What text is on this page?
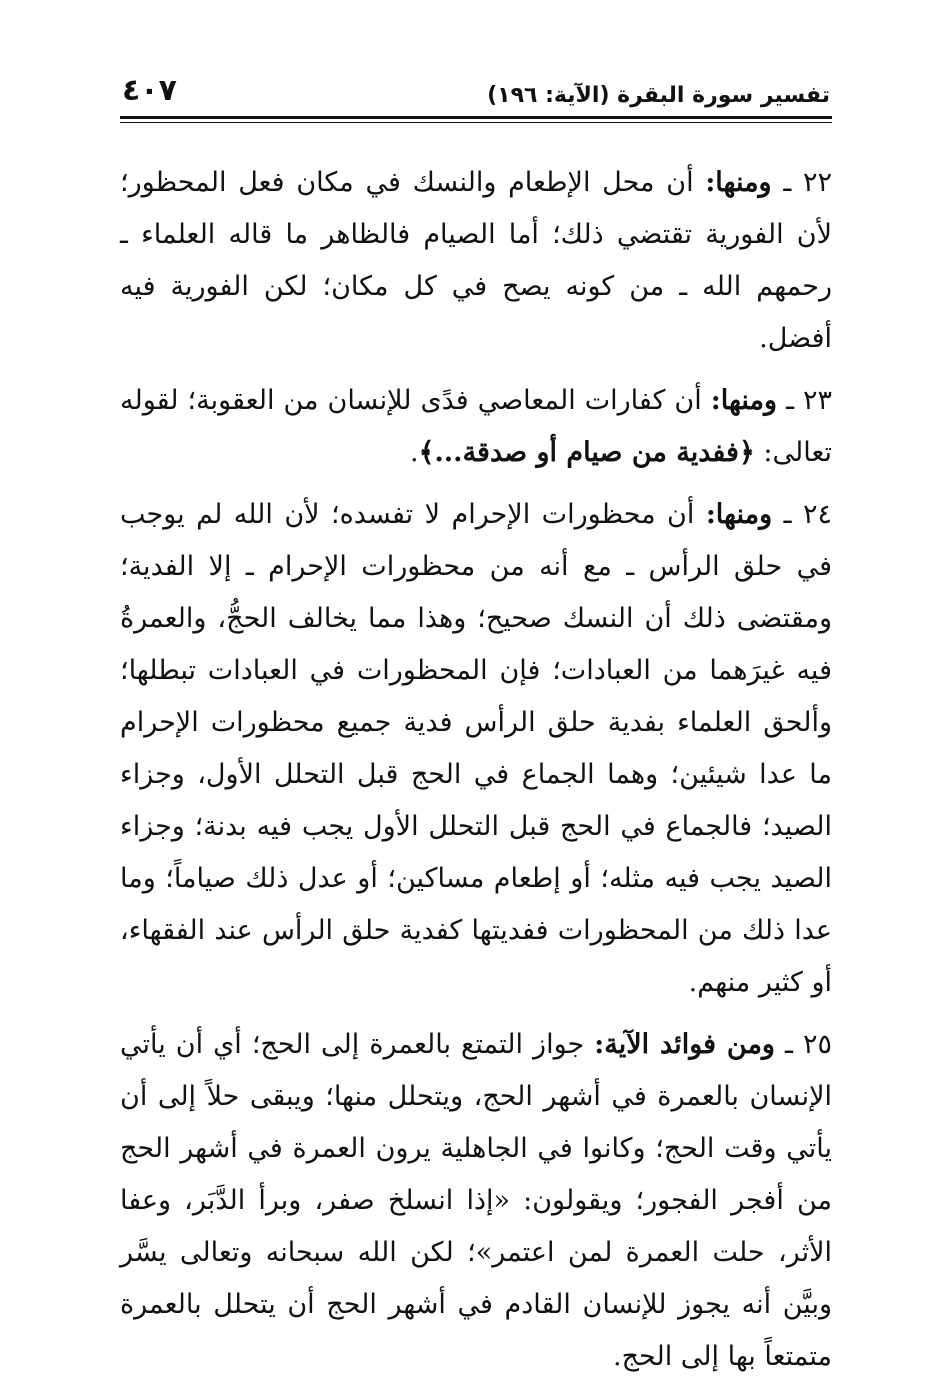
تفسير سورة البقرة (الآية: ١٩٦)
٤٠٧

٢٢ ـ ومنها: أن محل الإطعام والنسك في مكان فعل المحظور؛ لأن الفورية تقتضي ذلك؛ أما الصيام فالظاهر ما قاله العلماء ـ رحمهم الله ـ من كونه يصح في كل مكان؛ لكن الفورية فيه أفضل.

٢٣ ـ ومنها: أن كفارات المعاصي فدًى للإنسان من العقوبة؛ لقوله تعالى: ﴿ففدية من صيام أو صدقة...﴾.

٢٤ ـ ومنها: أن محظورات الإحرام لا تفسده؛ لأن الله لم يوجب في حلق الرأس ـ مع أنه من محظورات الإحرام ـ إلا الفدية؛ ومقتضى ذلك أن النسك صحيح؛ وهذا مما يخالف الحجُّ، والعمرةُ فيه غيرَهما من العبادات؛ فإن المحظورات في العبادات تبطلها؛ وألحق العلماء بفدية حلق الرأس فدية جميع محظورات الإحرام ما عدا شيئين؛ وهما الجماع في الحج قبل التحلل الأول، وجزاء الصيد؛ فالجماع في الحج قبل التحلل الأول يجب فيه بدنة؛ وجزاء الصيد يجب فيه مثله؛ أو إطعام مساكين؛ أو عدل ذلك صياماً؛ وما عدا ذلك من المحظورات ففديتها كفدية حلق الرأس عند الفقهاء، أو كثير منهم.

٢٥ ـ ومن فوائد الآية: جواز التمتع بالعمرة إلى الحج؛ أي أن يأتي الإنسان بالعمرة في أشهر الحج، ويتحلل منها؛ ويبقى حلاً إلى أن يأتي وقت الحج؛ وكانوا في الجاهلية يرون العمرة في أشهر الحج من أفجر الفجور؛ ويقولون: «إذا انسلخ صفر، وبرأ الدَّبَر، وعفا الأثر، حلت العمرة لمن اعتمر»؛ لكن الله سبحانه وتعالى يسَّر وبيَّن أنه يجوز للإنسان القادم في أشهر الحج أن يتحلل بالعمرة متمتعاً بها إلى الحج.
